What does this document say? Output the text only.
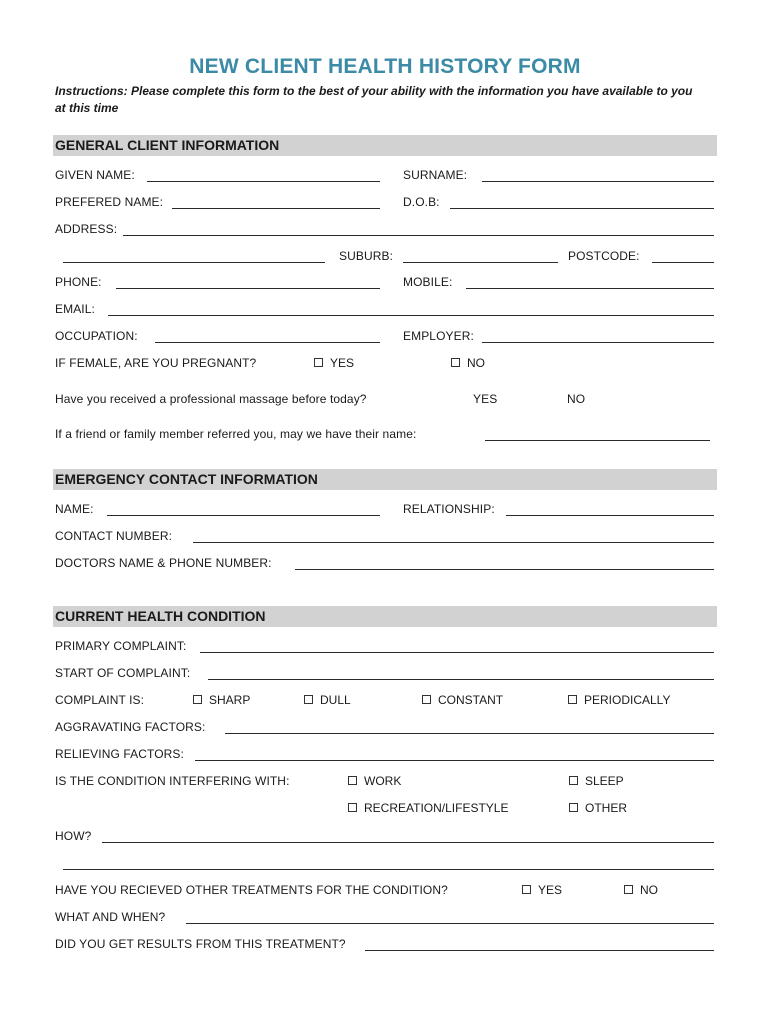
NEW CLIENT HEALTH HISTORY FORM
Instructions: Please complete this form to the best of your ability with the information you have available to you at this time
GENERAL CLIENT INFORMATION
GIVEN NAME:	SURNAME:
PREFERED NAME:	D.O.B:
ADDRESS:
SUBURB:	POSTCODE:
PHONE:	MOBILE:
EMAIL:
OCCUPATION:	EMPLOYER:
IF FEMALE, ARE YOU PREGNANT?	YES	NO
Have you received a professional massage before today?	YES	NO
If a friend or family member referred you, may we have their name:
EMERGENCY CONTACT INFORMATION
NAME:	RELATIONSHIP:
CONTACT NUMBER:
DOCTORS NAME & PHONE NUMBER:
CURRENT HEALTH CONDITION
PRIMARY COMPLAINT:
START OF COMPLAINT:
COMPLAINT IS:	SHARP	DULL	CONSTANT	PERIODICALLY
AGGRAVATING FACTORS:
RELIEVING FACTORS:
IS THE CONDITION INTERFERING WITH:	WORK	SLEEP
RECREATION/LIFESTYLE	OTHER
HOW?
HAVE YOU RECIEVED OTHER TREATMENTS FOR THE CONDITION?	YES	NO
WHAT AND WHEN?
DID YOU GET RESULTS FROM THIS TREATMENT?
